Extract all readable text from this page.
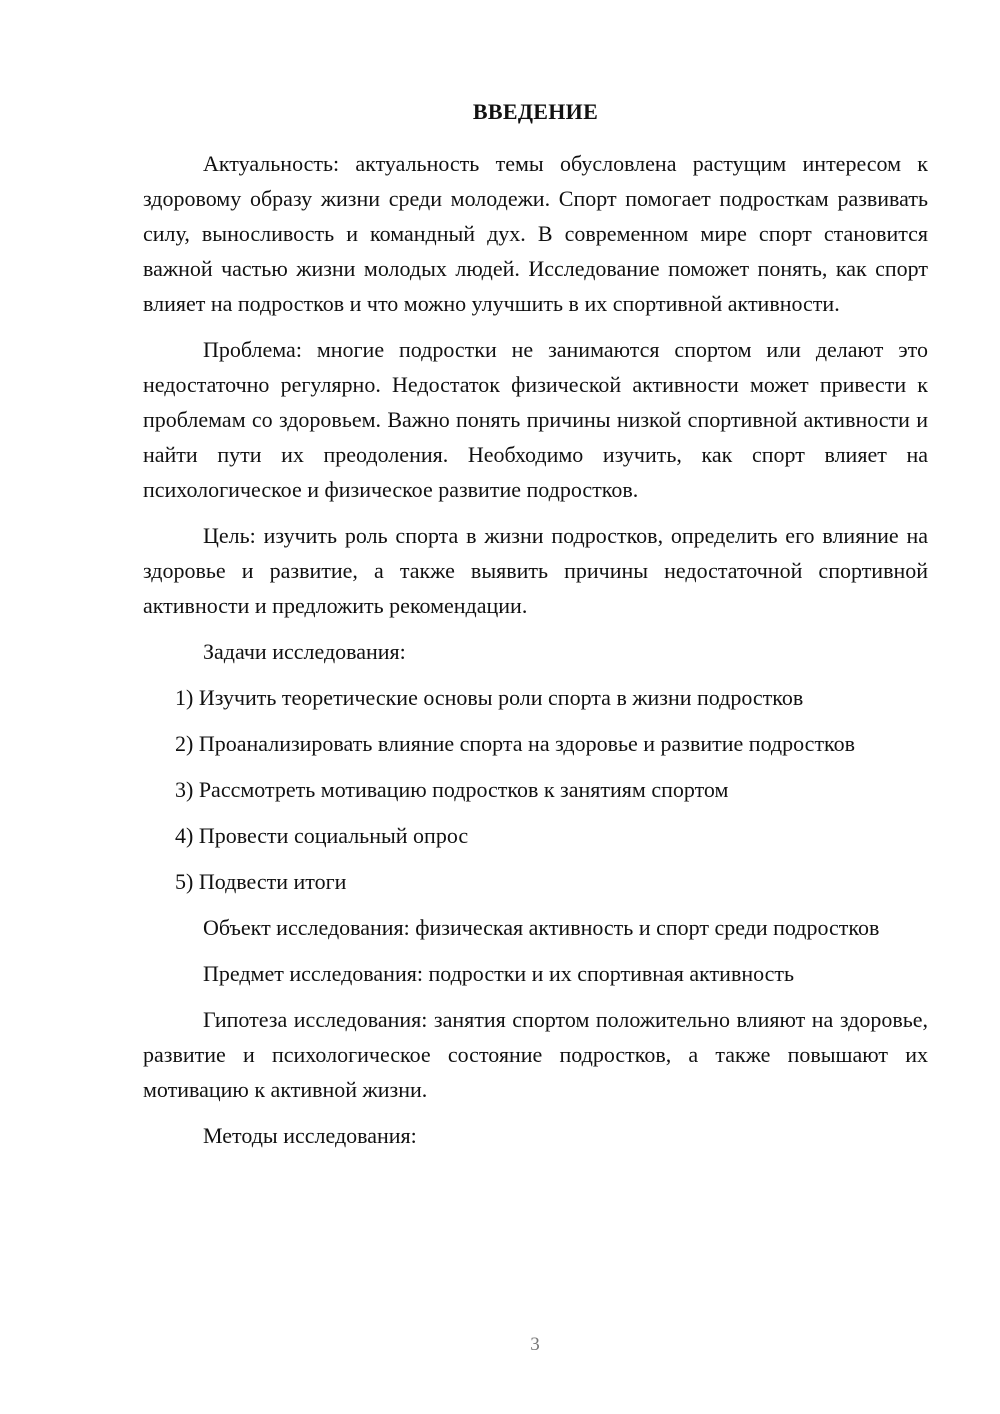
ВВЕДЕНИЕ

Актуальность: актуальность темы обусловлена растущим интересом к здоровому образу жизни среди молодежи. Спорт помогает подросткам развивать силу, выносливость и командный дух. В современном мире спорт становится важной частью жизни молодых людей. Исследование поможет понять, как спорт влияет на подростков и что можно улучшить в их спортивной активности.

Проблема: многие подростки не занимаются спортом или делают это недостаточно регулярно. Недостаток физической активности может привести к проблемам со здоровьем. Важно понять причины низкой спортивной активности и найти пути их преодоления. Необходимо изучить, как спорт влияет на психологическое и физическое развитие подростков.

Цель: изучить роль спорта в жизни подростков, определить его влияние на здоровье и развитие, а также выявить причины недостаточной спортивной активности и предложить рекомендации.

Задачи исследования:

1) Изучить теоретические основы роли спорта в жизни подростков

2) Проанализировать влияние спорта на здоровье и развитие подростков

3) Рассмотреть мотивацию подростков к занятиям спортом

4) Провести социальный опрос

5) Подвести итоги

Объект исследования: физическая активность и спорт среди подростков

Предмет исследования: подростки и их спортивная активность

Гипотеза исследования: занятия спортом положительно влияют на здоровье, развитие и психологическое состояние подростков, а также повышают их мотивацию к активной жизни.

Методы исследования:

3
